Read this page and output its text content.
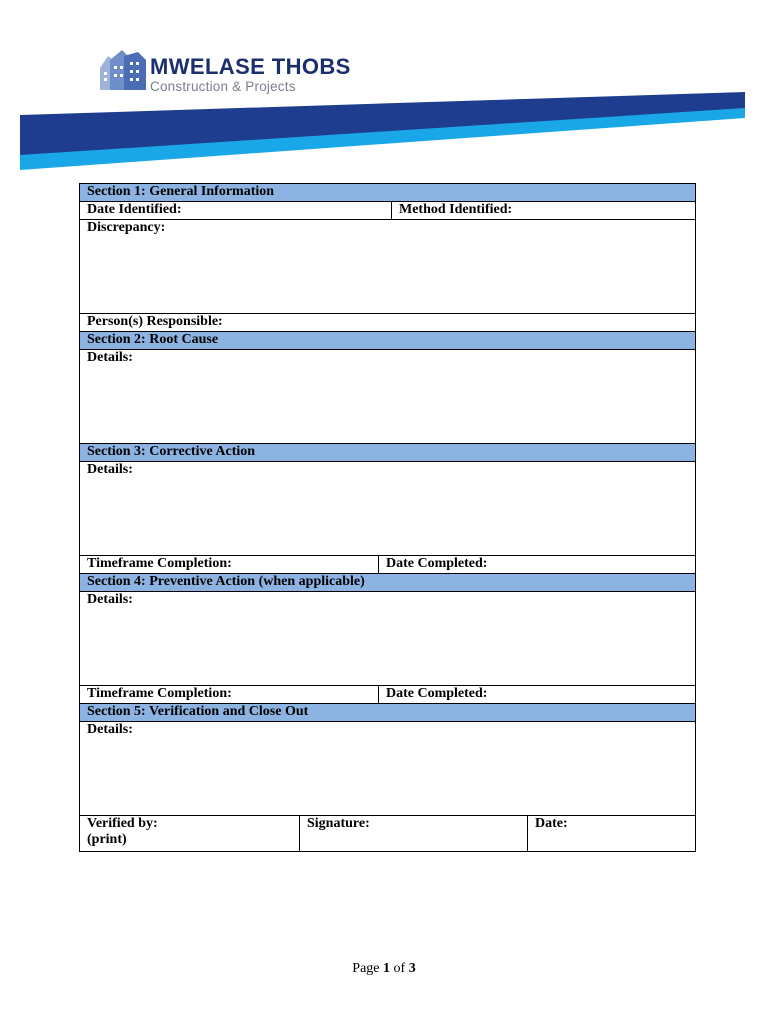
MWELASE THOBS
Construction & Projects
Section 1: General Information				
Date Identified:			Method Identified:	
Discrepancy:				
Person(s) Responsible:				
Section 2: Root Cause				
Details:				
Section 3: Corrective Action				
Details:				
Timeframe Completion:		Date Completed:		
Section 4: Preventive Action (when applicable)				
Details:				
Timeframe Completion:		Date Completed:		
Section 5: Verification and Close Out				
Details:				

Verified by:
(print)	Signature:			Date:
Page 1 of 3
